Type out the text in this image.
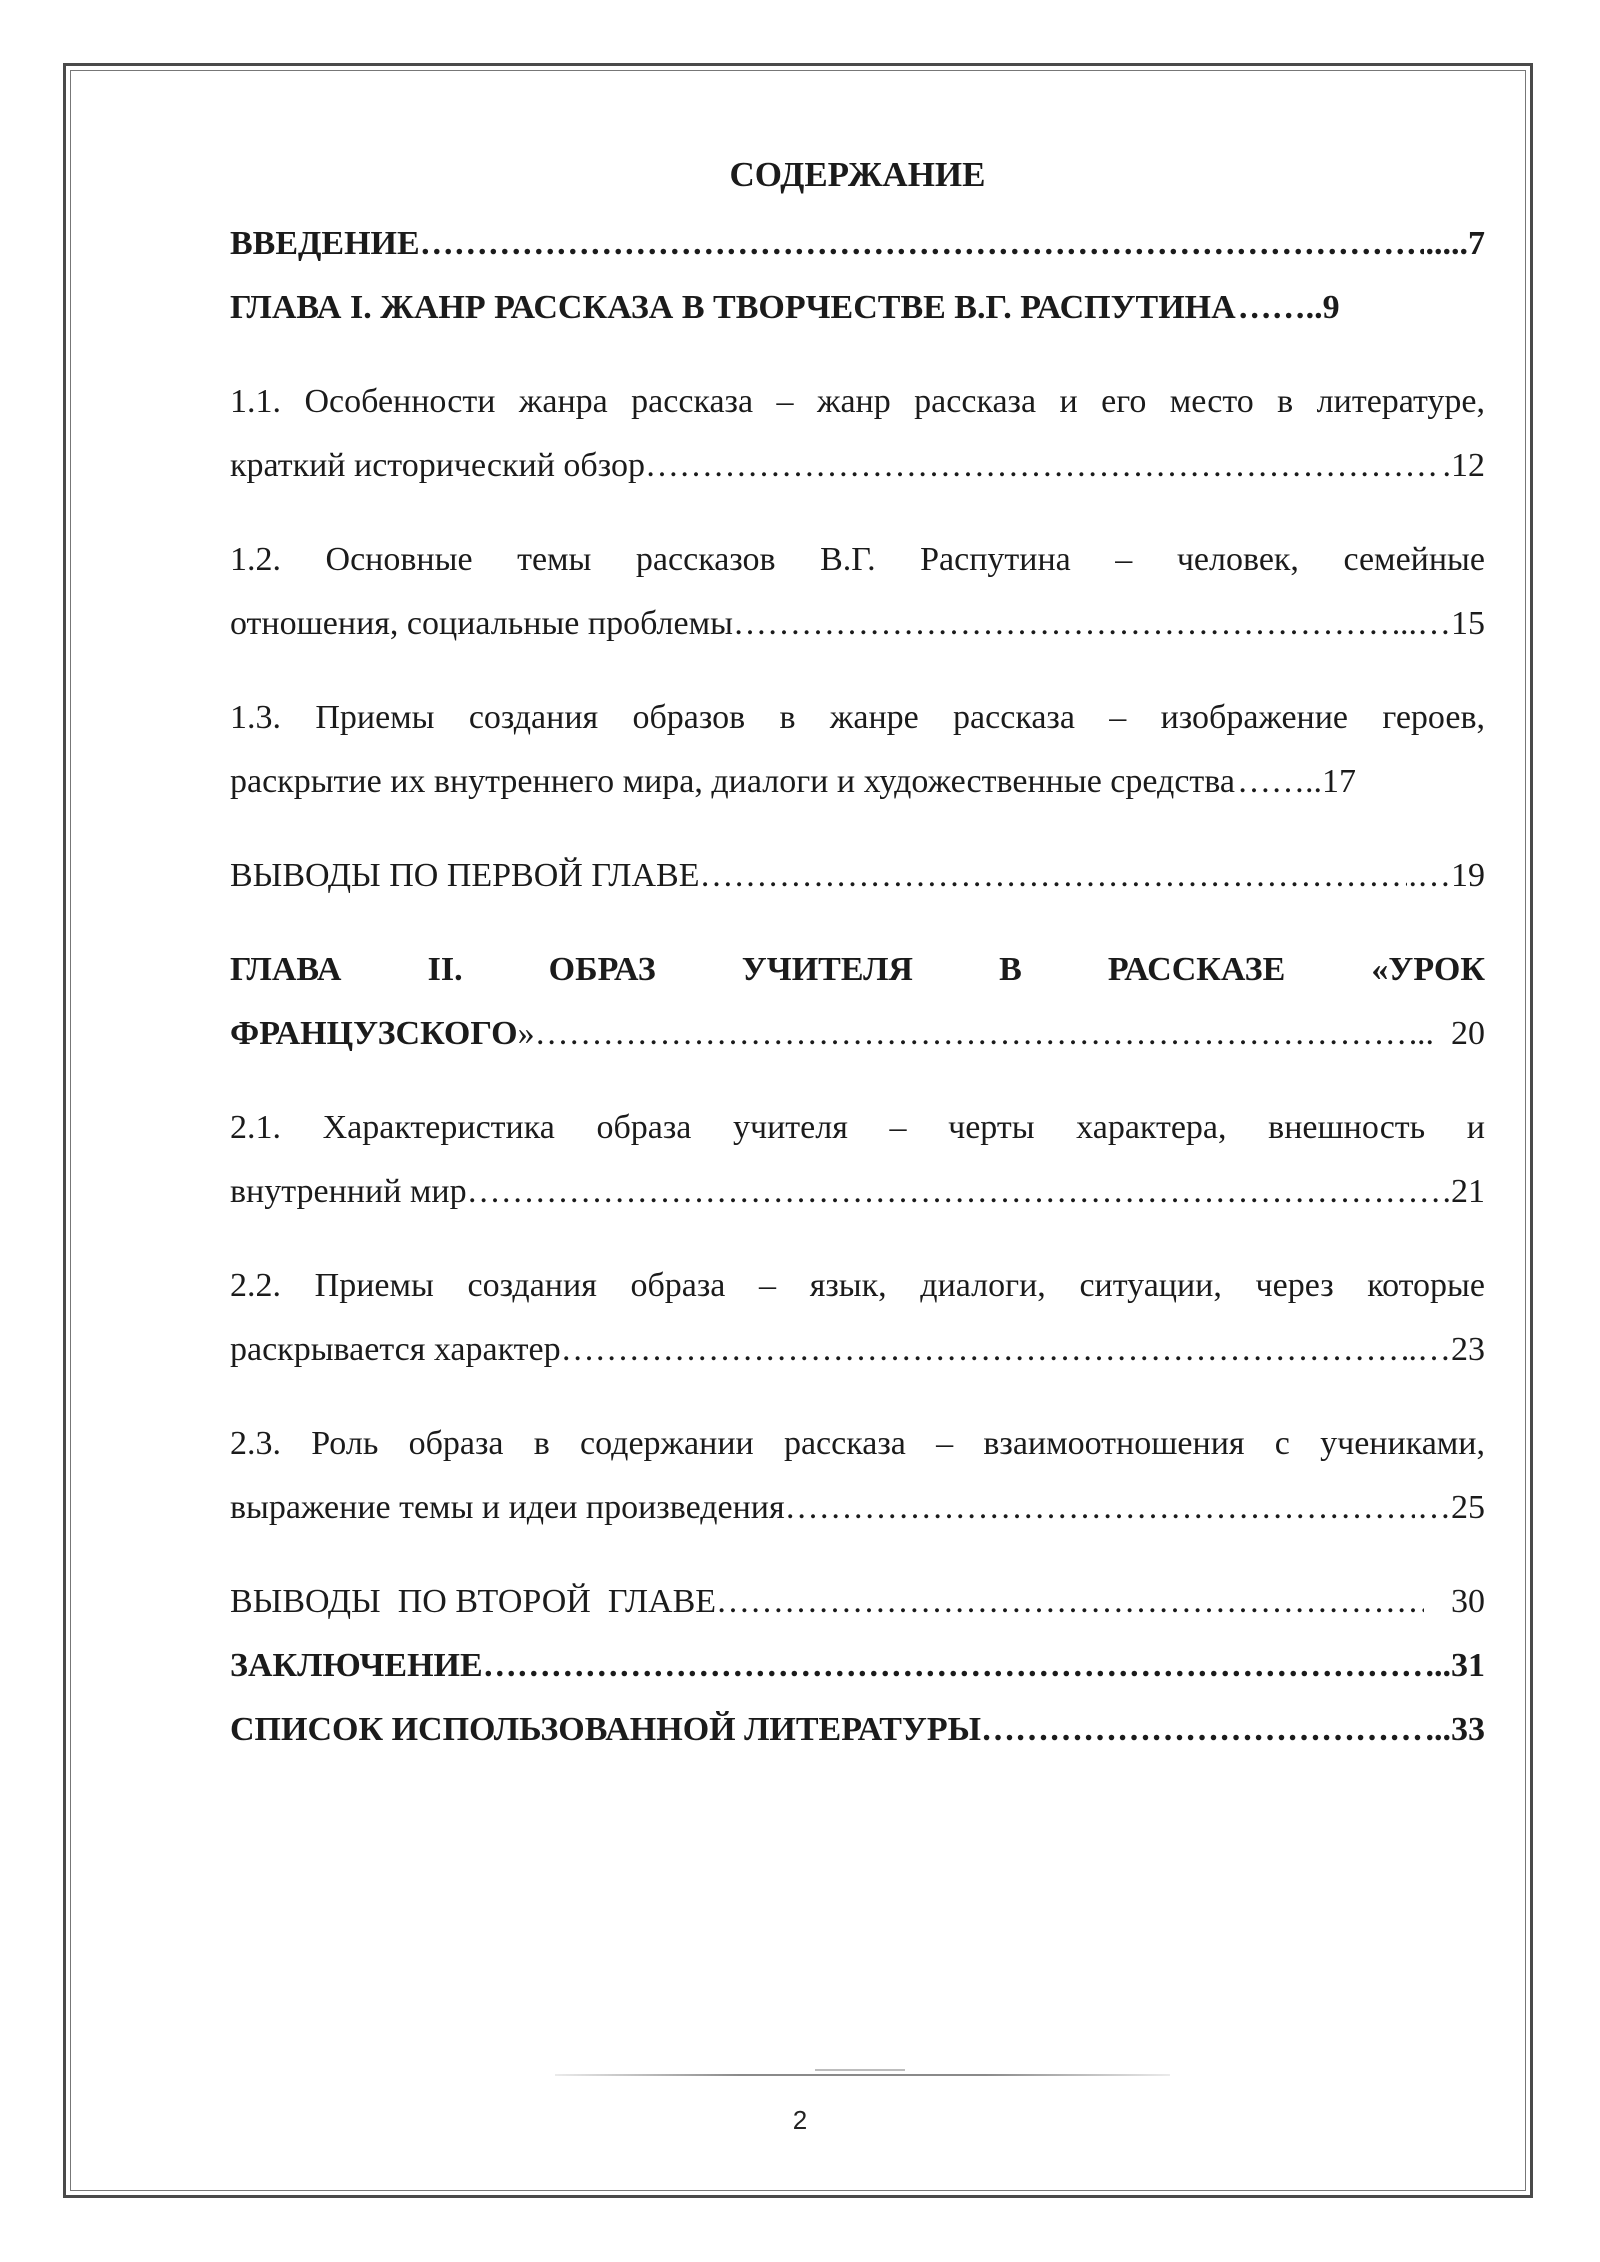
СОДЕРЖАНИЕ
ВВЕДЕНИЕ ………………………………………………………………………………………………………………………………………………	.....7
ГЛАВА I. ЖАНР РАССКАЗА В ТВОРЧЕСТВЕ В.Г. РАСПУТИНА ……..9
1.1. Особенности жанра рассказа – жанр рассказа и его место в литературе,
краткий исторический обзор ………………………………………………………………………………………………………………………………………………	.12
1.2. Основные темы рассказов В.Г. Распутина – человек, семейные
отношения, социальные проблемы ………………………………………………………………………………………………………………………………………………	..…15
1.3. Приемы создания образов в жанре рассказа – изображение героев,
раскрытие их внутреннего мира, диалоги и художественные средства ……..17
ВЫВОДЫ ПО ПЕРВОЙ ГЛАВЕ ………………………………………………………………………………………………………………………………………………	.…19
ГЛАВА II. ОБРАЗ УЧИТЕЛЯ В РАССКАЗЕ «УРОК
ФРАНЦУЗСКОГО» ………………………………………………………………………………………………………………………………………………	..  20
2.1. Характеристика образа учителя – черты характера, внешность и
внутренний мир ………………………………………………………………………………………………………………………………………………	.21
2.2. Приемы создания образа – язык, диалоги, ситуации, через которые
раскрывается характер ………………………………………………………………………………………………………………………………………………	.…23
2.3. Роль образа в содержании рассказа – взаимоотношения с учениками,
выражение темы и идеи произведения ………………………………………………………………………………………………………………………………………………	…25
ВЫВОДЫ  ПО ВТОРОЙ  ГЛАВЕ ………………………………………………………………………………………………………………………………………………	30
ЗАКЛЮЧЕНИЕ ………………………………………………………………………………………………………………………………………………	...31
СПИСОК ИСПОЛЬЗОВАННОЙ ЛИТЕРАТУРЫ ………………………………………………………………………………………………………………………………………………	...33
2
